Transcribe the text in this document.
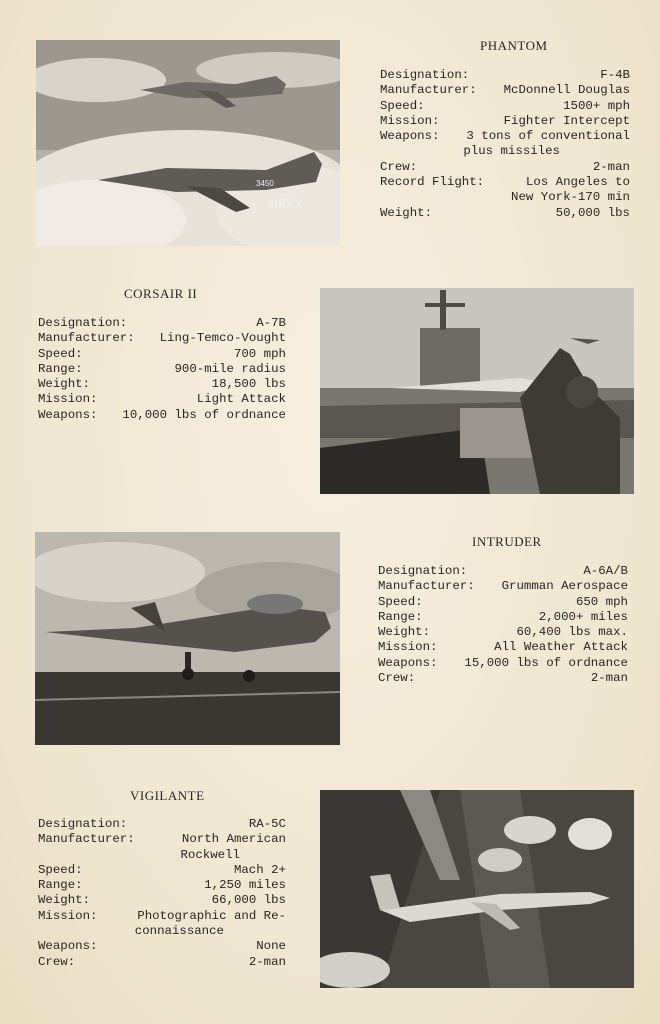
NAVY
3450
PHANTOM
Designation:	F-4B
Manufacturer: McDonnell Douglas
Speed:	1500+ mph
Mission:	Fighter Intercept
Weapons: 3 tons of conventional
plus missiles
Crew:	2-man
Record Flight:	Los Angeles to
New York-170 min
Weight:	50,000 lbs
CORSAIR II
Designation:	A-7B
Manufacturer: Ling-Temco-Vought
Speed:	700 mph
Range:	900-mile radius
Weight:	18,500 lbs
Mission:	Light Attack
Weapons: 10,000 lbs of ordnance
INTRUDER
Designation:	A-6A/B
Manufacturer: Grumman Aerospace
Speed:	650 mph
Range:	2,000+ miles
Weight:	60,400 lbs max.
Mission:	All Weather Attack
Weapons: 15,000 lbs of ordnance
Crew:	2-man
VIGILANTE
Designation:	RA-5C
Manufacturer:	North American
Rockwell
Speed:	Mach 2+
Range:	1,250 miles
Weight:	66,000 lbs
Mission:	Photographic and Re-
connaissance
Weapons:	None
Crew:	2-man
